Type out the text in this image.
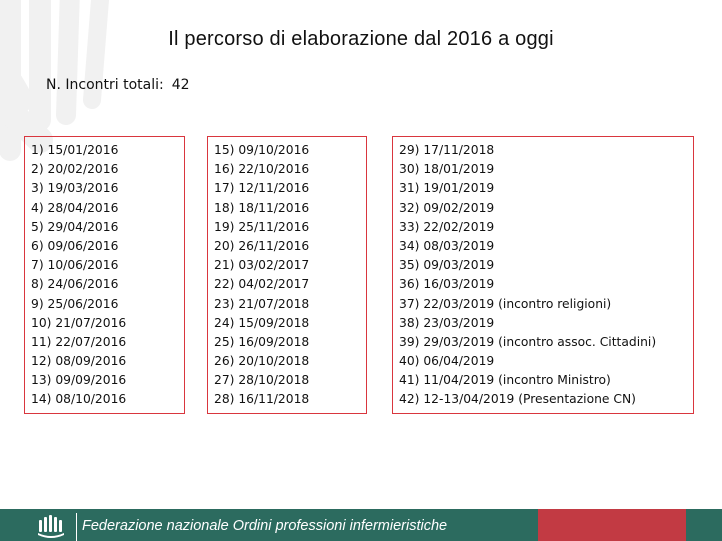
Il percorso di elaborazione dal 2016 a oggi
N. Incontri totali: 42
1) 15/01/2016
2) 20/02/2016
3) 19/03/2016
4) 28/04/2016
5) 29/04/2016
6) 09/06/2016
7) 10/06/2016
8) 24/06/2016
9) 25/06/2016
10) 21/07/2016
11) 22/07/2016
12) 08/09/2016
13) 09/09/2016
14) 08/10/2016
15) 09/10/2016
16) 22/10/2016
17) 12/11/2016
18) 18/11/2016
19) 25/11/2016
20) 26/11/2016
21) 03/02/2017
22) 04/02/2017
23) 21/07/2018
24) 15/09/2018
25) 16/09/2018
26) 20/10/2018
27) 28/10/2018
28) 16/11/2018
29) 17/11/2018
30) 18/01/2019
31) 19/01/2019
32) 09/02/2019
33) 22/02/2019
34) 08/03/2019
35) 09/03/2019
36) 16/03/2019
37) 22/03/2019 (incontro religioni)
38) 23/03/2019
39) 29/03/2019 (incontro assoc. Cittadini)
40) 06/04/2019
41) 11/04/2019 (incontro Ministro)
42) 12-13/04/2019 (Presentazione CN)
Federazione nazionale Ordini professioni infermieristiche
